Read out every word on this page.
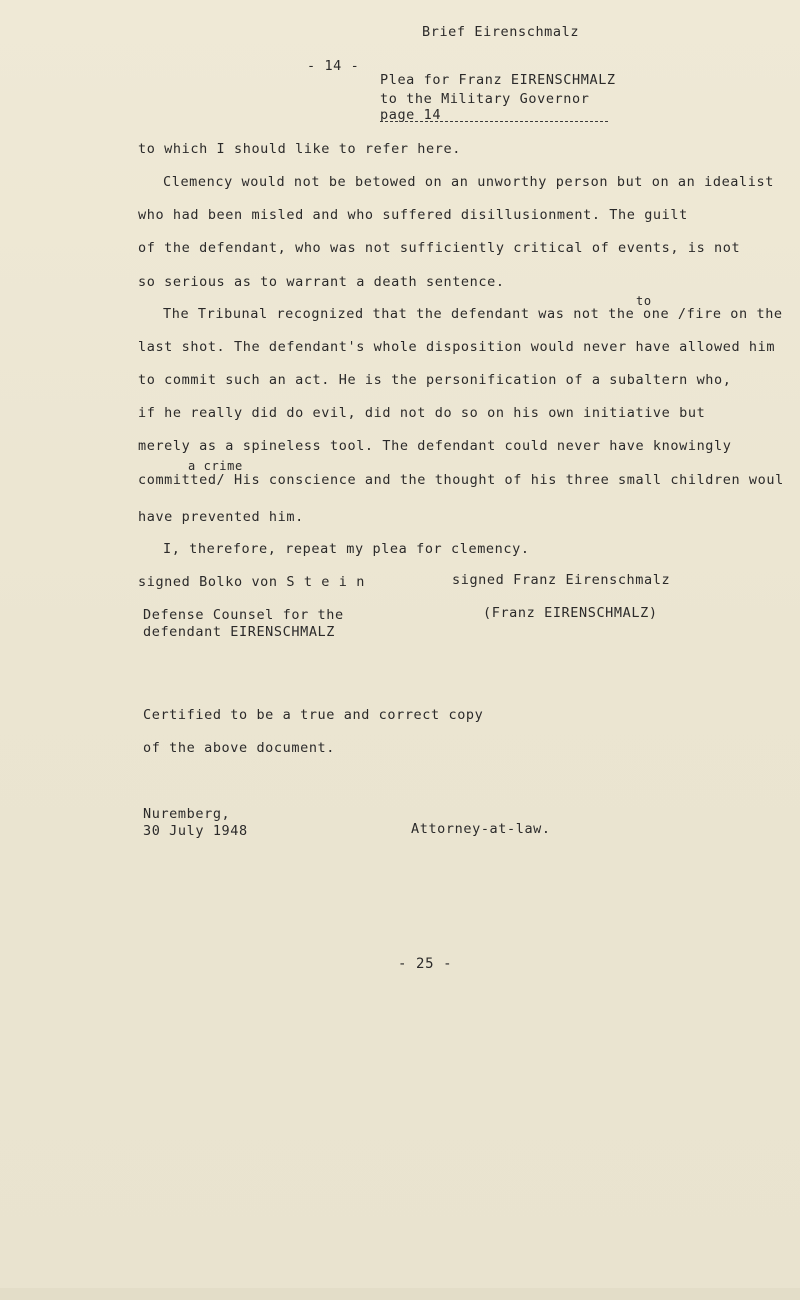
Brief Eirenschmalz
- 14 -
Plea for Franz EIRENSCHMALZ
to the Military Governor
page 14
to which I should like to refer here.
Clemency would not be betowed on an unworthy person but on an idealist
who had been misled and who suffered disillusionment. The guilt
of the defendant, who was not sufficiently critical of events, is not
so serious as to warrant a death sentence.
to
The Tribunal recognized that the defendant was not the one /fire on the
last shot. The defendant's whole disposition would never have allowed him
to commit such an act. He is the personification of a subaltern who,
if he really did do evil, did not do so on his own initiative but
merely as a spineless tool. The defendant could never have knowingly
a crime
committed/ His conscience and the thought of his three small children woul
have prevented him.
I, therefore, repeat my plea for clemency.
signed Bolko von S t e i n	signed Franz Eirenschmalz
Defense Counsel for the
defendant EIRENSCHMALZ
(Franz EIRENSCHMALZ)
Certified to be a true and correct copy
of the above document.
Nuremberg,
30 July 1948	Attorney-at-law.
- 25 -
